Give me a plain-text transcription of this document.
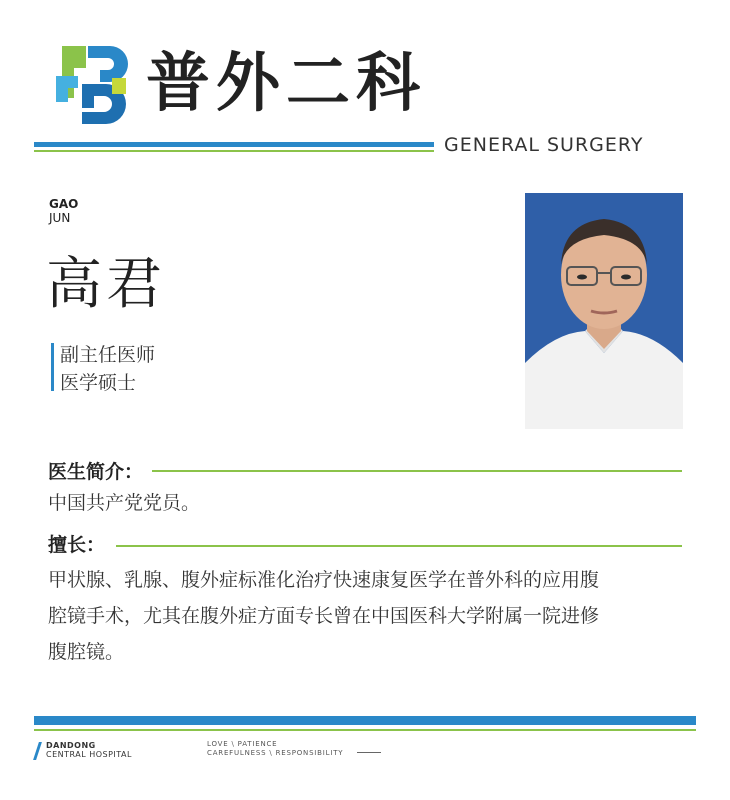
普外二科
GENERAL SURGERY
GAO
JUN
高君
副主任医师
医学硕士
医生简介：
中国共产党党员。
擅长：
甲状腺、乳腺、腹外症标准化治疗快速康复医学在普外科的应用腹
腔镜手术，尤其在腹外症方面专长曾在中国医科大学附属一院进修
腹腔镜。
DANDONG
CENTRAL HOSPITAL
LOVE \ PATIENCE
CAREFULNESS \ RESPONSIBILITY
